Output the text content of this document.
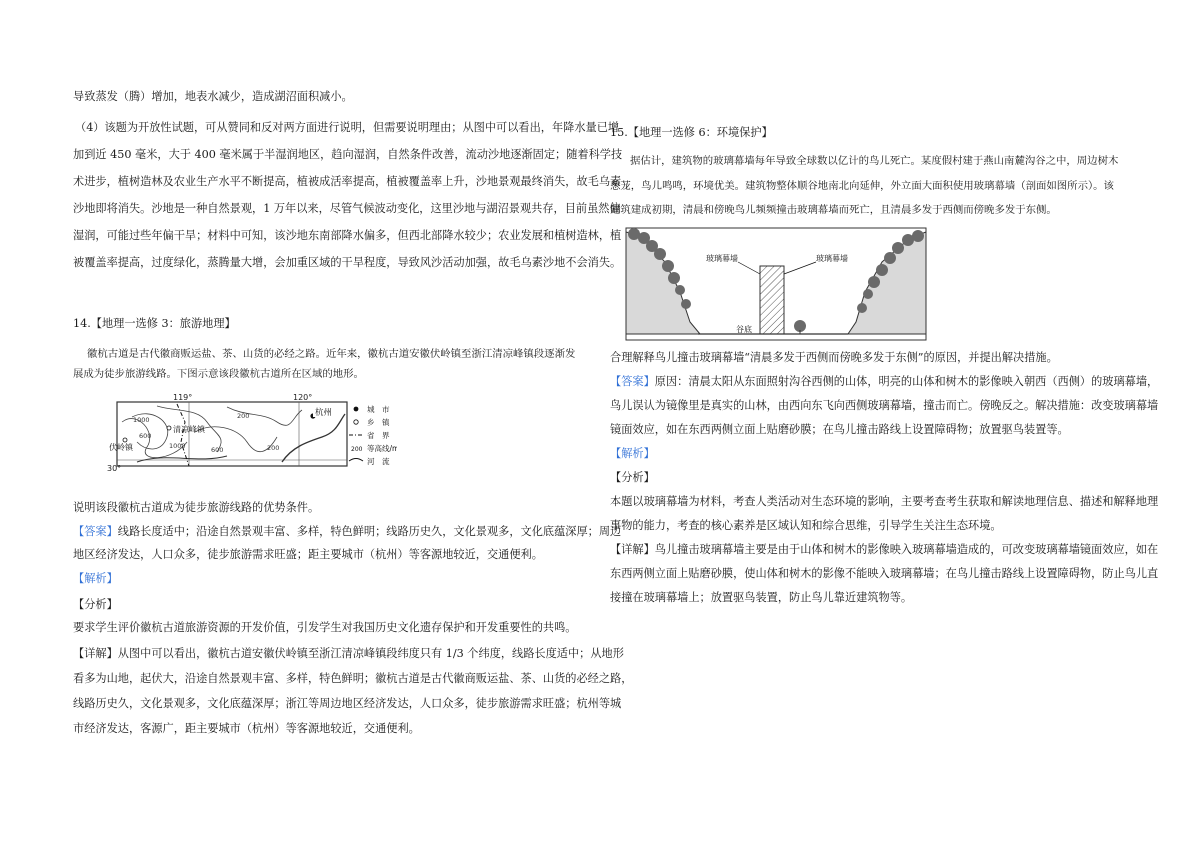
导致蒸发（腾）增加，地表水减少，造成湖沼面积减小。
（4）该题为开放性试题，可从赞同和反对两方面进行说明，但需要说明理由；从图中可以看出，年降水量已增
加到近 450 毫米，大于 400 毫米属于半湿润地区，趋向湿润，自然条件改善，流动沙地逐渐固定；随着科学技
术进步，植树造林及农业生产水平不断提高，植被成活率提高，植被覆盖率上升，沙地景观最终消失，故毛乌素
沙地即将消失。沙地是一种自然景观，1 万年以来，尽管气候波动变化，这里沙地与湖沼景观共存，目前虽然偏
湿润，可能过些年偏干旱；材料中可知，该沙地东南部降水偏多，但西北部降水较少；农业发展和植树造林，植
被覆盖率提高，过度绿化，蒸腾量大增，会加重区域的干旱程度，导致风沙活动加强，故毛乌素沙地不会消失。
14.【地理一选修 3：旅游地理】
徽杭古道是古代徽商贩运盐、茶、山货的必经之路。近年来，徽杭古道安徽伏岭镇至浙江清凉峰镇段逐渐发
展成为徒步旅游线路。下图示意该段徽杭古道所在区域的地形。
119°	120°
30°
1000
600
1000
200
200
600
伏岭镇
清凉峰镇
杭州	城　市
乡　镇
省　界
200 等高线/m
河　流
说明该段徽杭古道成为徒步旅游线路的优势条件。
【答案】线路长度适中；沿途自然景观丰富、多样，特色鲜明；线路历史久，文化景观多，文化底蕴深厚；周边
地区经济发达，人口众多，徒步旅游需求旺盛；距主要城市（杭州）等客源地较近，交通便利。
【解析】
【分析】
要求学生评价徽杭古道旅游资源的开发价值，引发学生对我国历史文化遗存保护和开发重要性的共鸣。
【详解】从图中可以看出，徽杭古道安徽伏岭镇至浙江清凉峰镇段纬度只有 1/3 个纬度，线路长度适中；从地形
看多为山地，起伏大，沿途自然景观丰富、多样，特色鲜明；徽杭古道是古代徽商贩运盐、茶、山货的必经之路，
线路历史久，文化景观多，文化底蕴深厚；浙江等周边地区经济发达，人口众多，徒步旅游需求旺盛；杭州等城
市经济发达，客源广，距主要城市（杭州）等客源地较近，交通便利。
15.【地理一选修 6：环境保护】
据估计，建筑物的玻璃幕墙每年导致全球数以亿计的鸟儿死亡。某度假村建于燕山南麓沟谷之中，周边树木
葱茏，鸟儿鸣鸣，环境优美。建筑物整体顺谷地南北向延伸，外立面大面积使用玻璃幕墙（剖面如图所示）。该
建筑建成初期，清晨和傍晚鸟儿频频撞击玻璃幕墙而死亡，且清晨多发于西侧而傍晚多发于东侧。
玻璃幕墙	玻璃幕墙
谷底
合理解释鸟儿撞击玻璃幕墙“清晨多发于西侧而傍晚多发于东侧”的原因，并提出解决措施。
【答案】原因：清晨太阳从东面照射沟谷西侧的山体，明亮的山体和树木的影像映入朝西（西侧）的玻璃幕墙，
鸟儿误认为镜像里是真实的山林，由西向东飞向西侧玻璃幕墙，撞击而亡。傍晚反之。解决措施：改变玻璃幕墙
镜面效应，如在东西两侧立面上贴磨砂膜；在鸟儿撞击路线上设置障碍物；放置驱鸟装置等。
【解析】
【分析】
本题以玻璃幕墙为材料，考查人类活动对生态环境的影响，主要考查考生获取和解读地理信息、描述和解释地理
事物的能力，考查的核心素养是区域认知和综合思维，引导学生关注生态环境。
【详解】鸟儿撞击玻璃幕墙主要是由于山体和树木的影像映入玻璃幕墙造成的，可改变玻璃幕墙镜面效应，如在
东西两侧立面上贴磨砂膜，使山体和树木的影像不能映入玻璃幕墙；在鸟儿撞击路线上设置障碍物，防止鸟儿直
接撞在玻璃幕墙上；放置驱鸟装置，防止鸟儿靠近建筑物等。
